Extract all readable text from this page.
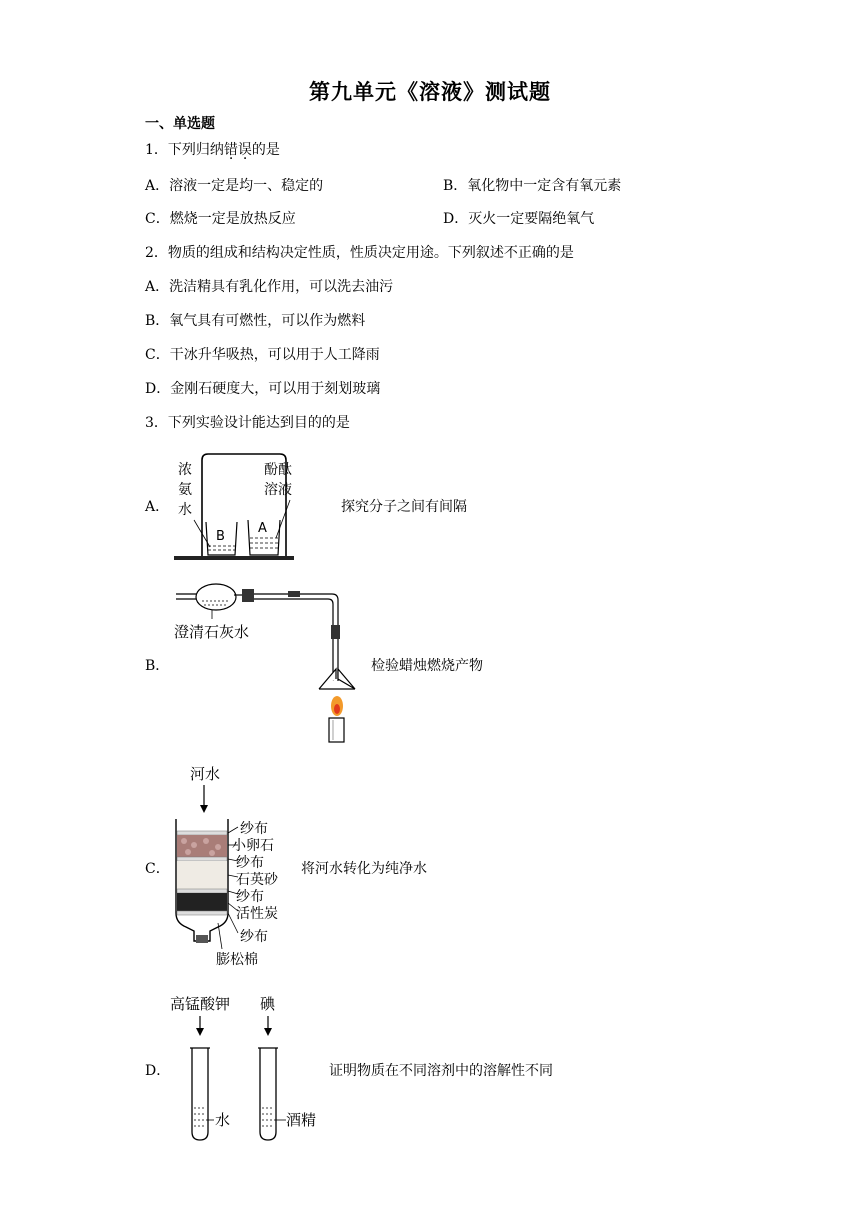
第九单元《溶液》测试题
一、单选题
1．下列归纳错误的是
A．溶液一定是均一、稳定的	B．氧化物中一定含有氧元素
C．燃烧一定是放热反应	D．灭火一定要隔绝氧气
2．物质的组成和结构决定性质，性质决定用途。下列叙述不正确的是
A．洗洁精具有乳化作用，可以洗去油污
B．氧气具有可燃性，可以作为燃料
C．干冰升华吸热，可以用于人工降雨
D．金刚石硬度大，可以用于刻划玻璃
3．下列实验设计能达到目的的是
A．
浓
氨
水
酚酞
溶液
B
A
探究分子之间有间隔
B．
澄清石灰水
检验蜡烛燃烧产物
C．
河水
纱布
小卵石
纱布
石英砂
纱布
活性炭
纱布
膨松棉
将河水转化为纯净水
D．
高锰酸钾 碘
水	酒精
证明物质在不同溶剂中的溶解性不同
